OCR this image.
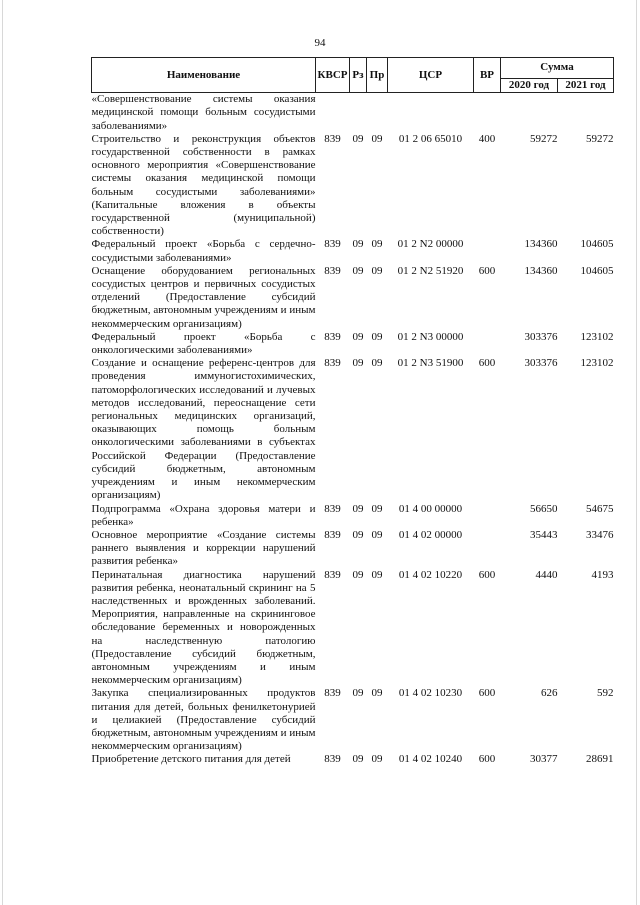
94
Наименование	КВСР	Рз	Пр	ЦСР	ВР	Сумма	
						2020 год	2021 год
«Совершенствование системы оказания медицинской помощи больным сосудистыми заболеваниями»							
Строительство и реконструкция объектов государственной собственности в рамках основного мероприятия «Совершенствование системы оказания медицинской помощи больным сосудистыми заболеваниями» (Капитальные вложения в объекты государственной (муниципальной) собственности)	839	09	09	01 2 06 65010	400	59272	59272
Федеральный проект «Борьба с сердечно-сосудистыми заболеваниями»	839	09	09	01 2 N2 00000		134360	104605
Оснащение оборудованием региональных сосудистых центров и первичных сосудистых отделений (Предоставление субсидий бюджетным, автономным учреждениям и иным некоммерческим организациям)	839	09	09	01 2 N2 51920	600	134360	104605
Федеральный проект «Борьба с онкологическими заболеваниями»	839	09	09	01 2 N3 00000		303376	123102
Создание и оснащение референс-центров для проведения иммуногистохимических, патоморфологических исследований и лучевых методов исследований, переоснащение сети региональных медицинских организаций, оказывающих помощь больным онкологическими заболеваниями в субъектах Российской Федерации (Предоставление субсидий бюджетным, автономным учреждениям и иным некоммерческим организациям)	839	09	09	01 2 N3 51900	600	303376	123102
Подпрограмма «Охрана здоровья матери и ребенка»	839	09	09	01 4 00 00000		56650	54675
Основное мероприятие «Создание системы раннего выявления и коррекции нарушений развития ребенка»	839	09	09	01 4 02 00000		35443	33476
Перинатальная диагностика нарушений развития ребенка, неонатальный скрининг на 5 наследственных и врожденных заболеваний. Мероприятия, направленные на скрининговое обследование беременных и новорожденных на наследственную патологию (Предоставление субсидий бюджетным, автономным учреждениям и иным некоммерческим организациям)	839	09	09	01 4 02 10220	600	4440	4193
Закупка специализированных продуктов питания для детей, больных фенилкетонурией и целиакией (Предоставление субсидий бюджетным, автономным учреждениям и иным некоммерческим организациям)	839	09	09	01 4 02 10230	600	626	592
Приобретение детского питания для детей	839	09	09	01 4 02 10240	600	30377	28691
